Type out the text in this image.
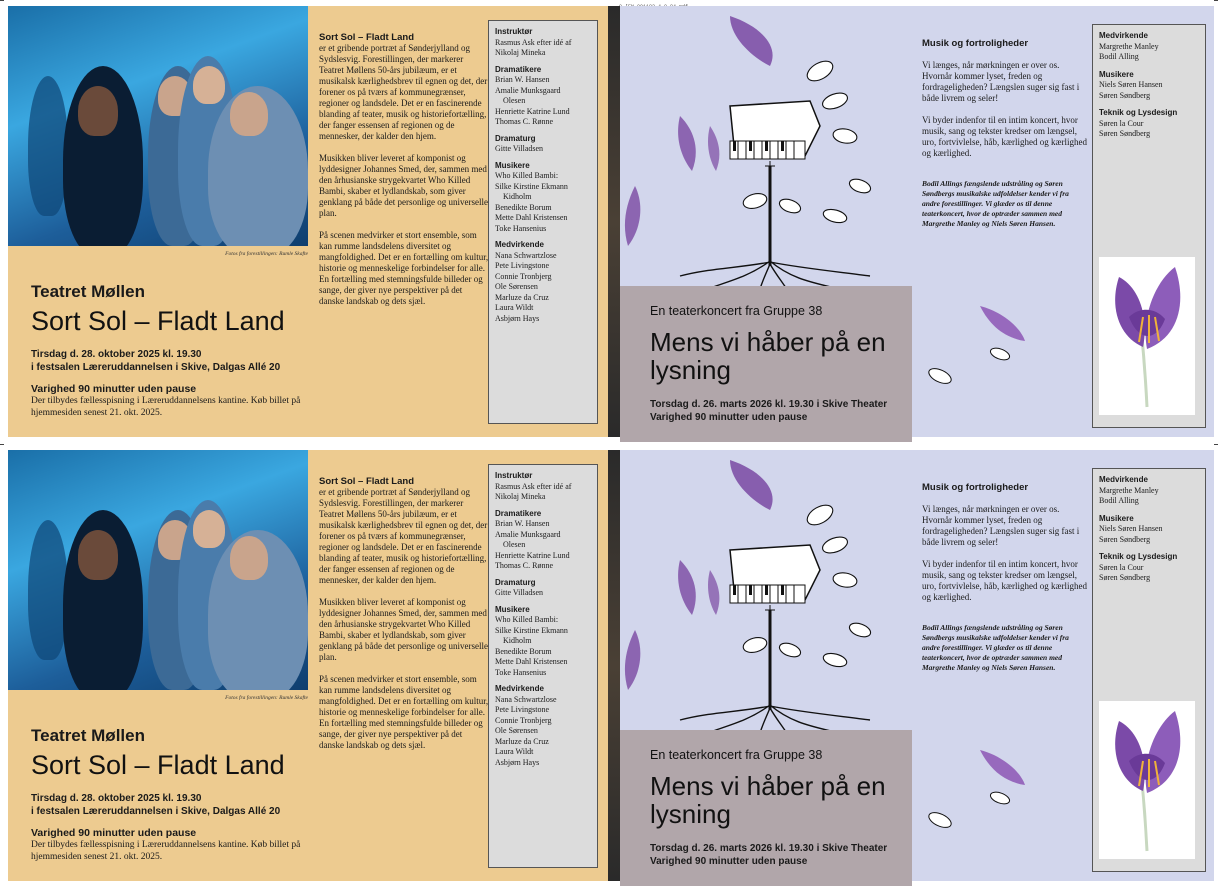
Fotos fra forestillingen: Rumle Skafte
Teatret Møllen
Sort Sol – Fladt Land
Tirsdag d. 28. oktober 2025 kl. 19.30
i festsalen Læreruddannelsen i Skive, Dalgas Allé 20
Varighed 90 minutter uden pause
Der tilbydes fællesspisning i Læreruddannelsens kantine. Køb billet på hjemmesiden senest 21. okt. 2025.
Sort Sol – Fladt Land

er et gribende portræt af Sønderjylland og Sydslesvig. Forestillingen, der markerer Teatret Møllens 50-års jubilæum, er et musikalsk kærlighedsbrev til egnen og det, der forener os på tværs af kommunegrænser, regioner og landsdele. Det er en fascinerende blanding af teater, musik og historiefortælling, der fanger essensen af regionen og de mennesker, der kalder den hjem.

Musikken bliver leveret af komponist og lyddesigner Johannes Smed, der, sammen med den århusianske strygekvartet Who Killed Bambi, skaber et lydlandskab, som giver genklang på både det personlige og universelle plan.

På scenen medvirker et stort ensemble, som kan rumme landsdelens diversitet og mangfoldighed. Det er en fortælling om kultur, historie og menneskelige forbindelser for alle. En fortælling med stemningsfulde billeder og sange, der giver nye perspektiver på det danske landskab og dets sjæl.

Instruktør
Rasmus Ask efter idé af
Nikolaj Mineka
Dramatikere
Brian W. Hansen
Amalie Munksgaard
Olesen
Henriette Katrine Lund
Thomas C. Rønne
Dramaturg
Gitte Villadsen
Musikere
Who Killed Bambi:
Silke Kirstine Ekmann
Kidholm
Benedikte Borum
Mette Dahl Kristensen
Toke Hansenius
Medvirkende
Nana Schwartzlose
Pete Livingstone
Connie Tronbjerg
Ole Sørensen
Marluze da Cruz
Laura Wildt
Asbjørn Hays	En teaterkoncert fra Gruppe 38
Mens vi håber på en lysning
Torsdag d. 26. marts 2026 kl. 19.30 i Skive Theater
Varighed 90 minutter uden pause
Musik og fortroligheder

Vi længes, når mørkningen er over os. Hvornår kommer lyset, freden og fordrageligheden? Længslen suger sig fast i både livrem og seler!

Vi byder indenfor til en intim koncert, hvor musik, sang og tekster kredser om længsel, uro, fortvivlelse, håb, kærlighed og kærlighed og kærlighed.

Bodil Allings fængslende udstråling og Søren Søndbergs musikalske udfoldelser kender vi fra andre forestillinger. Vi glæder os til denne teaterkoncert, hvor de optræder sammen med Margrethe Manley og Niels Søren Hansen.

Medvirkende
Margrethe Manley
Bodil Alling
Musikere
Niels Søren Hansen
Søren Søndberg
Teknik og Lysdesign
Søren la Cour
Søren Søndberg
Fotos fra forestillingen: Rumle Skafte
Teatret Møllen
Sort Sol – Fladt Land
Tirsdag d. 28. oktober 2025 kl. 19.30
i festsalen Læreruddannelsen i Skive, Dalgas Allé 20
Varighed 90 minutter uden pause
Der tilbydes fællesspisning i Læreruddannelsens kantine. Køb billet på hjemmesiden senest 21. okt. 2025.
Sort Sol – Fladt Land

er et gribende portræt af Sønderjylland og Sydslesvig. Forestillingen, der markerer Teatret Møllens 50-års jubilæum, er et musikalsk kærlighedsbrev til egnen og det, der forener os på tværs af kommunegrænser, regioner og landsdele. Det er en fascinerende blanding af teater, musik og historiefortælling, der fanger essensen af regionen og de mennesker, der kalder den hjem.

Musikken bliver leveret af komponist og lyddesigner Johannes Smed, der, sammen med den århusianske strygekvartet Who Killed Bambi, skaber et lydlandskab, som giver genklang på både det personlige og universelle plan.

På scenen medvirker et stort ensemble, som kan rumme landsdelens diversitet og mangfoldighed. Det er en fortælling om kultur, historie og menneskelige forbindelser for alle. En fortælling med stemningsfulde billeder og sange, der giver nye perspektiver på det danske landskab og dets sjæl.

Instruktør
Rasmus Ask efter idé af
Nikolaj Mineka
Dramatikere
Brian W. Hansen
Amalie Munksgaard
Olesen
Henriette Katrine Lund
Thomas C. Rønne
Dramaturg
Gitte Villadsen
Musikere
Who Killed Bambi:
Silke Kirstine Ekmann
Kidholm
Benedikte Borum
Mette Dahl Kristensen
Toke Hansenius
Medvirkende
Nana Schwartzlose
Pete Livingstone
Connie Tronbjerg
Ole Sørensen
Marluze da Cruz
Laura Wildt
Asbjørn Hays	En teaterkoncert fra Gruppe 38
Mens vi håber på en lysning
Torsdag d. 26. marts 2026 kl. 19.30 i Skive Theater
Varighed 90 minutter uden pause
Musik og fortroligheder

Vi længes, når mørkningen er over os. Hvornår kommer lyset, freden og fordrageligheden? Længslen suger sig fast i både livrem og seler!

Vi byder indenfor til en intim koncert, hvor musik, sang og tekster kredser om længsel, uro, fortvivlelse, håb, kærlighed og kærlighed og kærlighed.

Bodil Allings fængslende udstråling og Søren Søndbergs musikalske udfoldelser kender vi fra andre forestillinger. Vi glæder os til denne teaterkoncert, hvor de optræder sammen med Margrethe Manley og Niels Søren Hansen.

Medvirkende
Margrethe Manley
Bodil Alling
Musikere
Niels Søren Hansen
Søren Søndberg
Teknik og Lysdesign
Søren la Cour
Søren Søndberg
